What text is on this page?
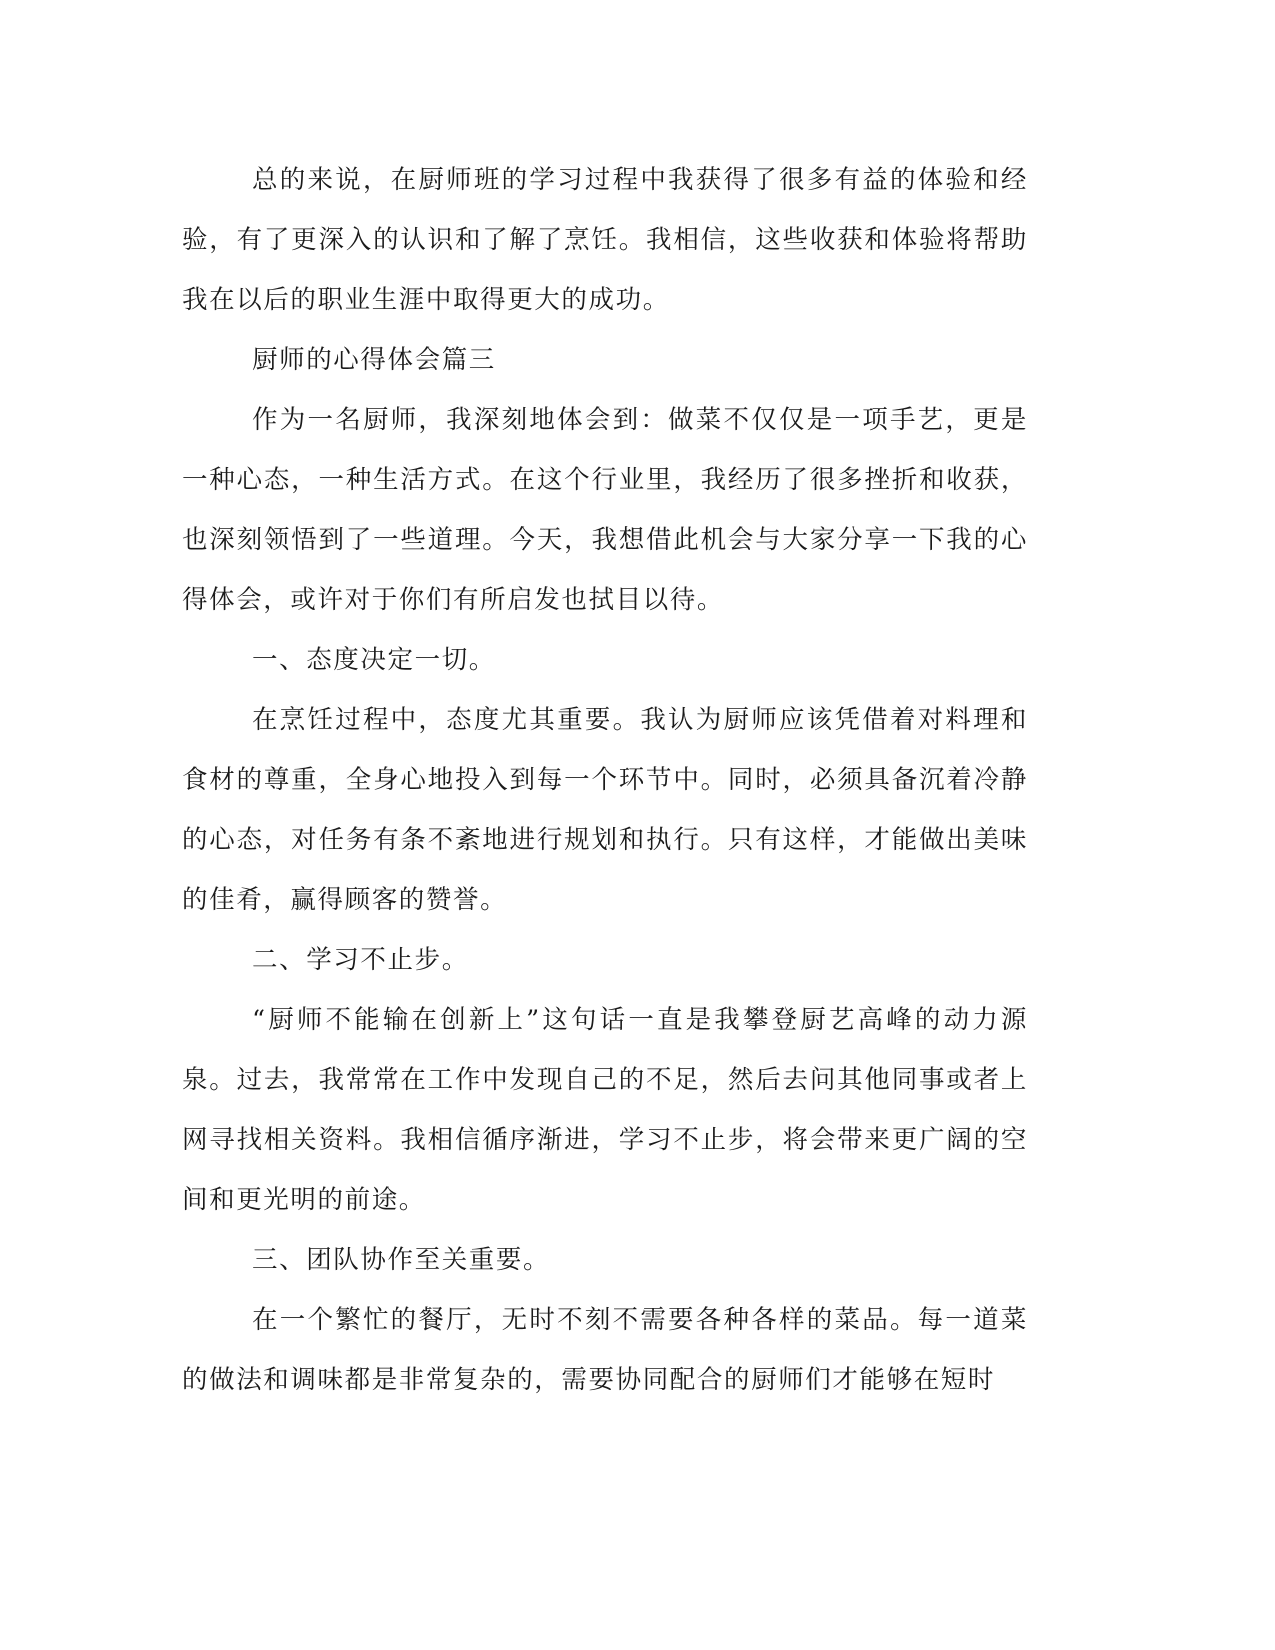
总的来说，在厨师班的学习过程中我获得了很多有益的体验和经验，有了更深入的认识和了解了烹饪。我相信，这些收获和体验将帮助我在以后的职业生涯中取得更大的成功。

厨师的心得体会篇三

作为一名厨师，我深刻地体会到：做菜不仅仅是一项手艺，更是一种心态，一种生活方式。在这个行业里，我经历了很多挫折和收获，也深刻领悟到了一些道理。今天，我想借此机会与大家分享一下我的心得体会，或许对于你们有所启发也拭目以待。

一、态度决定一切。

在烹饪过程中，态度尤其重要。我认为厨师应该凭借着对料理和食材的尊重，全身心地投入到每一个环节中。同时，必须具备沉着冷静的心态，对任务有条不紊地进行规划和执行。只有这样，才能做出美味的佳肴，赢得顾客的赞誉。

二、学习不止步。

“厨师不能输在创新上”这句话一直是我攀登厨艺高峰的动力源泉。过去，我常常在工作中发现自己的不足，然后去问其他同事或者上网寻找相关资料。我相信循序渐进，学习不止步，将会带来更广阔的空间和更光明的前途。

三、团队协作至关重要。

在一个繁忙的餐厅，无时不刻不需要各种各样的菜品。每一道菜的做法和调味都是非常复杂的，需要协同配合的厨师们才能够在短时
